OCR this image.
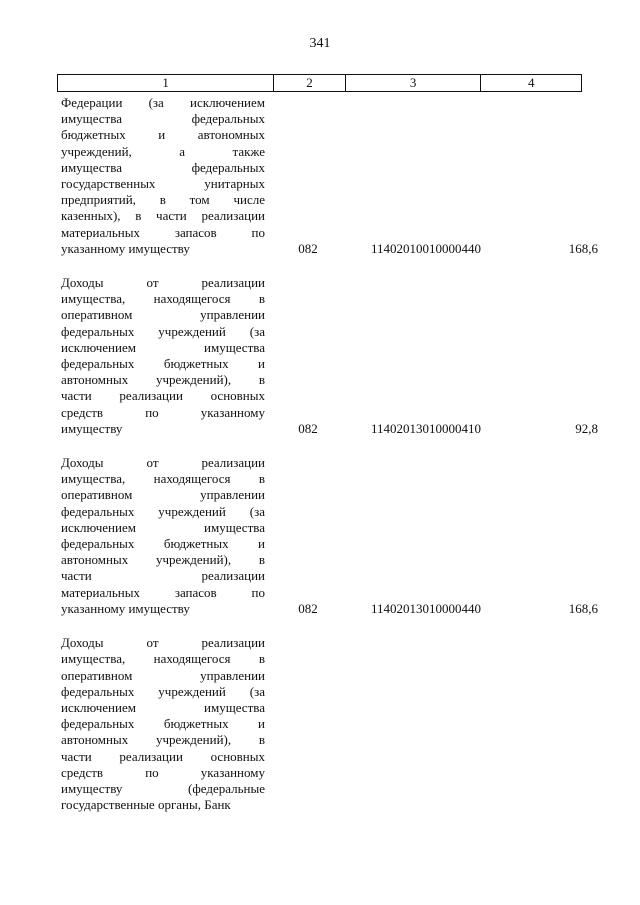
341
1	2	3	4
Федерации (за исключением
имущества федеральных
бюджетных и автономных
учреждений, а также
имущества федеральных
государственных унитарных
предприятий, в том числе
казенных), в части реализации
материальных запасов по
указанному имуществу	082	11402010010000440	168,6
Доходы от реализации
имущества, находящегося в
оперативном управлении
федеральных учреждений (за
исключением имущества
федеральных бюджетных и
автономных учреждений), в
части реализации основных
средств по указанному
имуществу	082	11402013010000410	92,8
Доходы от реализации
имущества, находящегося в
оперативном управлении
федеральных учреждений (за
исключением имущества
федеральных бюджетных и
автономных учреждений), в
части реализации
материальных запасов по
указанному имуществу	082	11402013010000440	168,6
Доходы от реализации
имущества, находящегося в
оперативном управлении
федеральных учреждений (за
исключением имущества
федеральных бюджетных и
автономных учреждений), в
части реализации основных
средств по указанному
имуществу (федеральные
государственные органы, Банк
